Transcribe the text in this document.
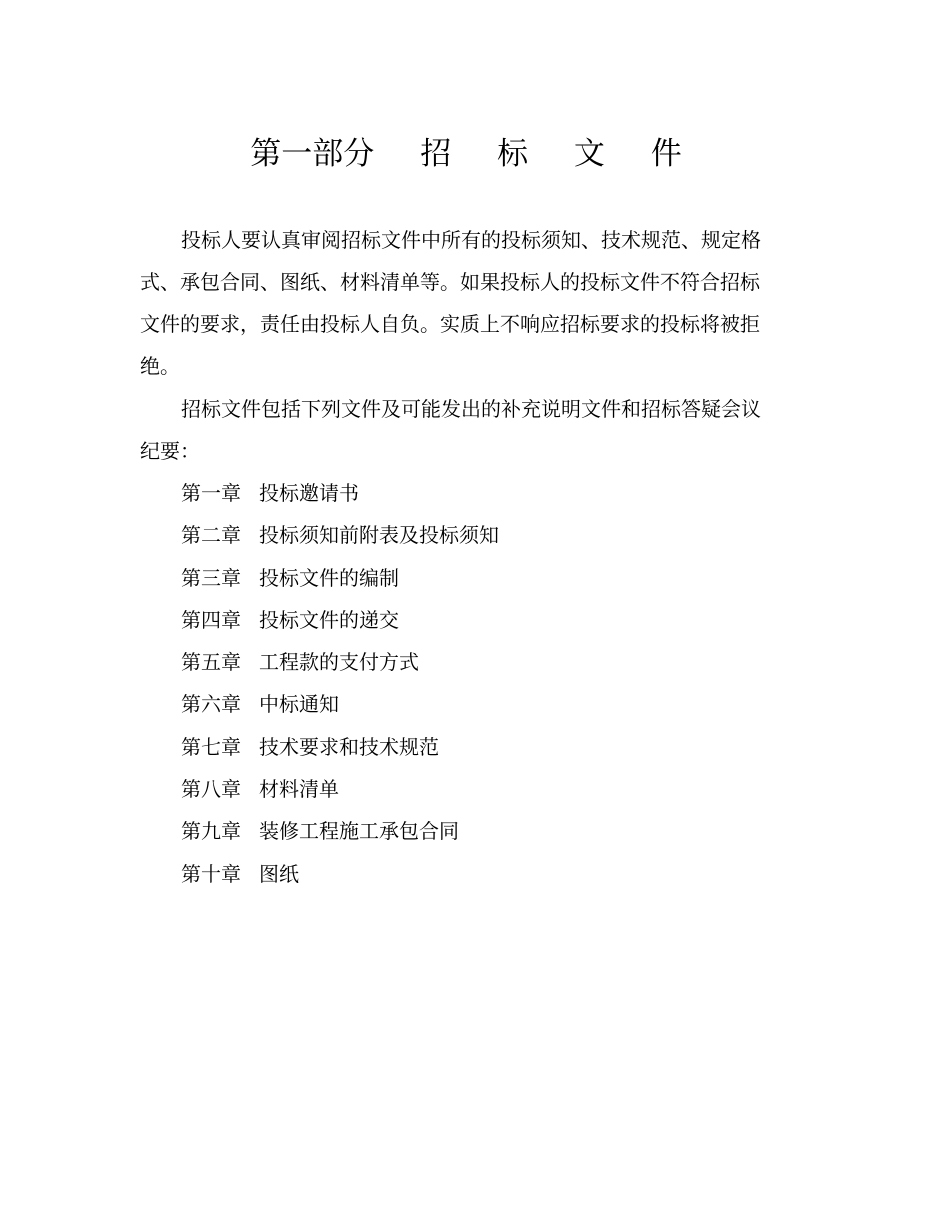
第一部分 招 标 文 件

投标人要认真审阅招标文件中所有的投标须知、技术规范、规定格式、承包合同、图纸、材料清单等。如果投标人的投标文件不符合招标文件的要求，责任由投标人自负。实质上不响应招标要求的投标将被拒绝。

招标文件包括下列文件及可能发出的补充说明文件和招标答疑会议纪要：

第一章 投标邀请书
第二章 投标须知前附表及投标须知
第三章 投标文件的编制
第四章 投标文件的递交
第五章 工程款的支付方式
第六章 中标通知
第七章 技术要求和技术规范
第八章 材料清单
第九章 装修工程施工承包合同
第十章 图纸
